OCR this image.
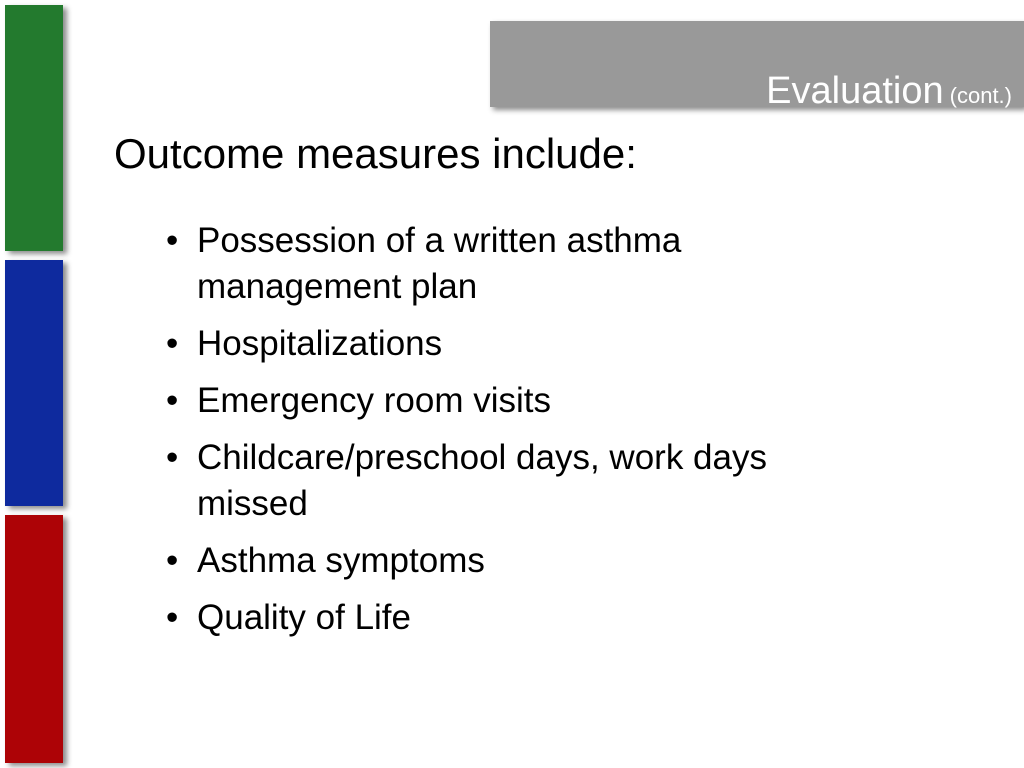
Evaluation (cont.)
Outcome measures include:
• Possession of a written asthma management plan
• Hospitalizations
• Emergency room visits
• Childcare/preschool days, work days missed
• Asthma symptoms
• Quality of Life
